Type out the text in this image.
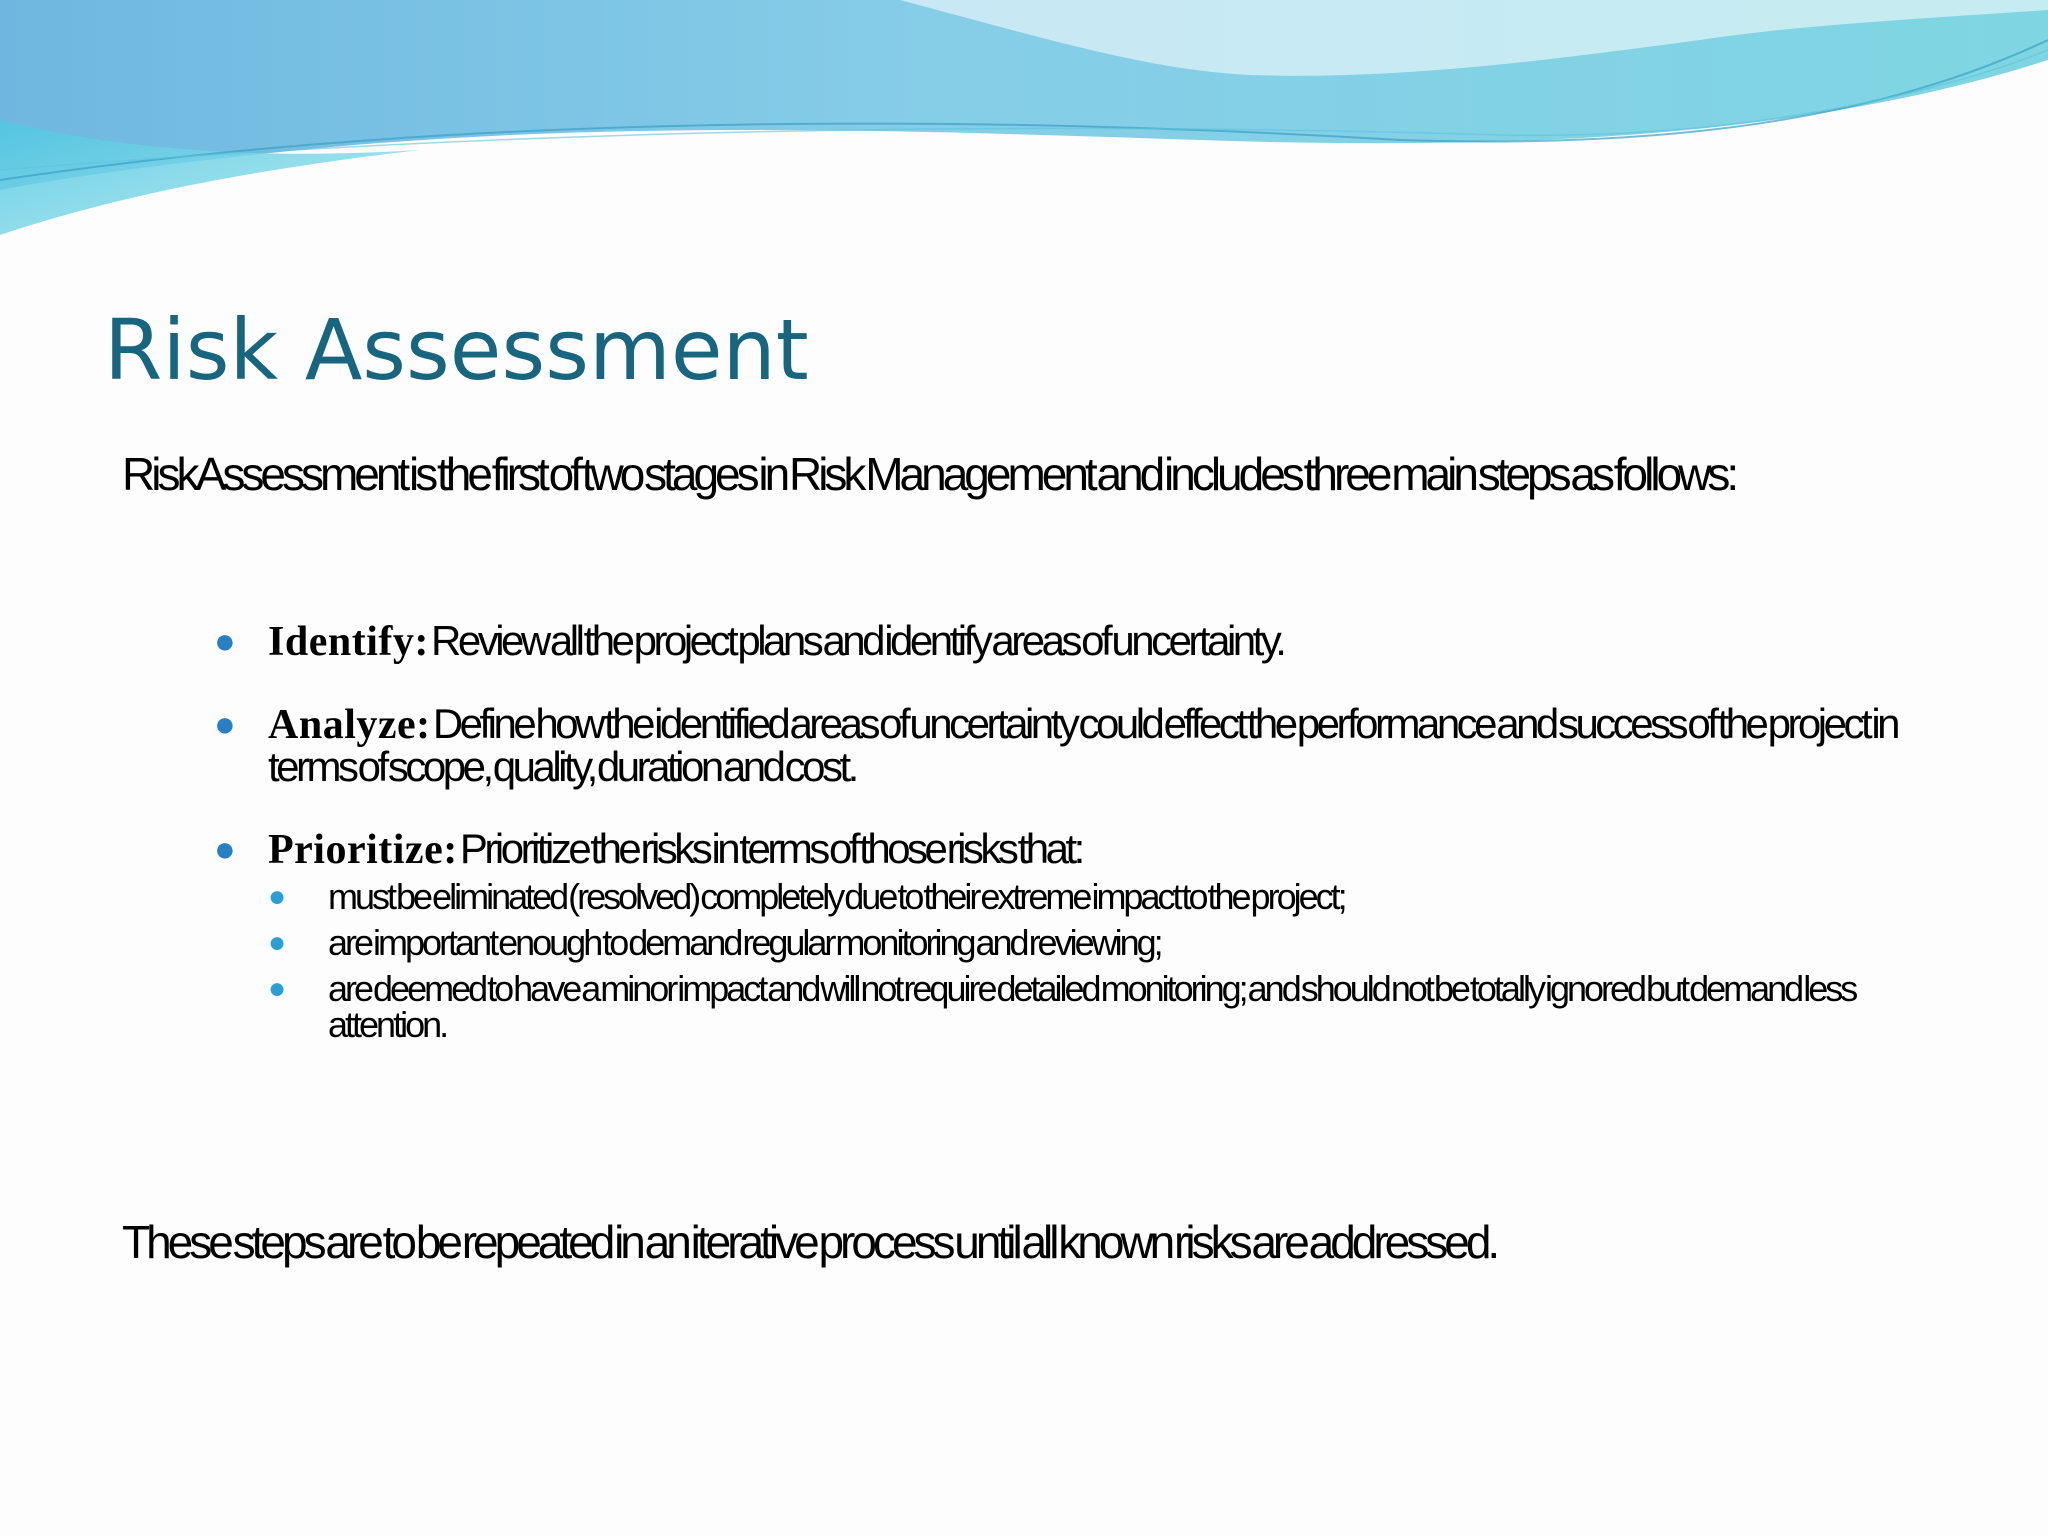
Risk Assessment

Risk Assessment is the first of two stages in Risk Management and includes three main steps as follows:

● Identify: Review all the project plans and identify areas of uncertainty.
● Analyze: Define how the identified areas of uncertainty could effect the performance and success of the project in terms of scope, quality, duration and cost.
● Prioritize: Prioritize the risks in terms of those risks that:
● must be eliminated (resolved) completely due to their extreme impact to the project;
● are important enough to demand regular monitoring and reviewing;
● are deemed to have a minor impact and will not require detailed monitoring; and should not be totally ignored but demand less attention.

These steps are to be repeated in an iterative process until all known risks are addressed.
